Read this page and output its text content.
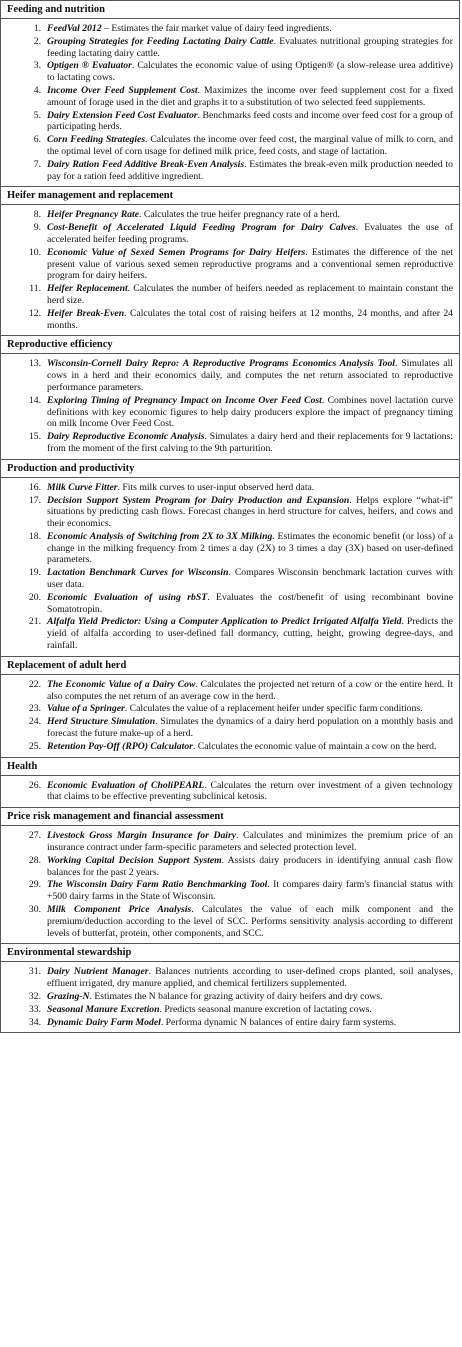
Feeding and nutrition
1. FeedVal 2012 – Estimates the fair market value of dairy feed ingredients.
2. Grouping Strategies for Feeding Lactating Dairy Cattle. Evaluates nutritional grouping strategies for feeding lactating dairy cattle.
3. Optigen ® Evaluator. Calculates the economic value of using Optigen® (a slow-release urea additive) to lactating cows.
4. Income Over Feed Supplement Cost. Maximizes the income over feed supplement cost for a fixed amount of forage used in the diet and graphs it to a substitution of two selected feed supplements.
5. Dairy Extension Feed Cost Evaluator. Benchmarks feed costs and income over feed cost for a group of participating herds.
6. Corn Feeding Strategies. Calculates the income over feed cost, the marginal value of milk to corn, and the optimal level of corn usage for defined milk price, feed costs, and stage of lactation.
7. Dairy Ration Feed Additive Break-Even Analysis. Estimates the break-even milk production needed to pay for a ration feed additive ingredient.
Heifer management and replacement
8. Heifer Pregnancy Rate. Calculates the true heifer pregnancy rate of a herd.
9. Cost-Benefit of Accelerated Liquid Feeding Program for Dairy Calves. Evaluates the use of accelerated heifer feeding programs.
10. Economic Value of Sexed Semen Programs for Dairy Heifers. Estimates the difference of the net present value of various sexed semen reproductive programs and a conventional semen reproductive program for dairy heifers.
11. Heifer Replacement. Calculates the number of heifers needed as replacement to maintain constant the herd size.
12. Heifer Break-Even. Calculates the total cost of raising heifers at 12 months, 24 months, and after 24 months.
Reproductive efficiency
13. Wisconsin-Cornell Dairy Repro: A Reproductive Programs Economics Analysis Tool. Simulates all cows in a herd and their economics daily, and computes the net return associated to reproductive performance parameters.
14. Exploring Timing of Pregnancy Impact on Income Over Feed Cost. Combines novel lactation curve definitions with key economic figures to help dairy producers explore the impact of pregnancy timing on milk Income Over Feed Cost.
15. Dairy Reproductive Economic Analysis. Simulates a dairy herd and their replacements for 9 lactations: from the moment of the first calving to the 9th parturition.
Production and productivity
16. Milk Curve Fitter. Fits milk curves to user-input observed herd data.
17. Decision Support System Program for Dairy Production and Expansion. Helps explore “what-if” situations by predicting cash flows. Forecast changes in herd structure for calves, heifers, and cows and their economics.
18. Economic Analysis of Switching from 2X to 3X Milking. Estimates the economic benefit (or loss) of a change in the milking frequency from 2 times a day (2X) to 3 times a day (3X) based on user-defined parameters.
19. Lactation Benchmark Curves for Wisconsin. Compares Wisconsin benchmark lactation curves with user data.
20. Economic Evaluation of using rbST. Evaluates the cost/benefit of using recombinant bovine Somatotropin.
21. Alfalfa Yield Predictor: Using a Computer Application to Predict Irrigated Alfalfa Yield. Predicts the yield of alfalfa according to user-defined fall dormancy, cutting, height, growing degree-days, and rainfall.
Replacement of adult herd
22. The Economic Value of a Dairy Cow. Calculates the projected net return of a cow or the entire herd. It also computes the net return of an average cow in the herd.
23. Value of a Springer. Calculates the value of a replacement heifer under specific farm conditions.
24. Herd Structure Simulation. Simulates the dynamics of a dairy herd population on a monthly basis and forecast the future make-up of a herd.
25. Retention Pay-Off (RPO) Calculator. Calculates the economic value of maintain a cow on the herd.
Health
26. Economic Evaluation of CholiPEARL. Calculates the return over investment of a given technology that claims to be effective preventing subclinical ketosis.
Price risk management and financial assessment
27. Livestock Gross Margin Insurance for Dairy. Calculates and minimizes the premium price of an insurance contract under farm-specific parameters and selected protection level.
28. Working Capital Decision Support System. Assists dairy producers in identifying annual cash flow balances for the past 2 years.
29. The Wisconsin Dairy Farm Ratio Benchmarking Tool. It compares dairy farm's financial status with +500 dairy farms in the State of Wisconsin.
30. Milk Component Price Analysis. Calculates the value of each milk component and the premium/deduction according to the level of SCC. Performs sensitivity analysis according to different levels of butterfat, protein, other components, and SCC.
Environmental stewardship
31. Dairy Nutrient Manager. Balances nutrients according to user-defined crops planted, soil analyses, effluent irrigated, dry manure applied, and chemical fertilizers supplemented.
32. Grazing-N. Estimates the N balance for grazing activity of dairy heifers and dry cows.
33. Seasonal Manure Excretion. Predicts seasonal manure excretion of lactating cows.
34. Dynamic Dairy Farm Model. Performa dynamic N balances of entire dairy farm systems.
